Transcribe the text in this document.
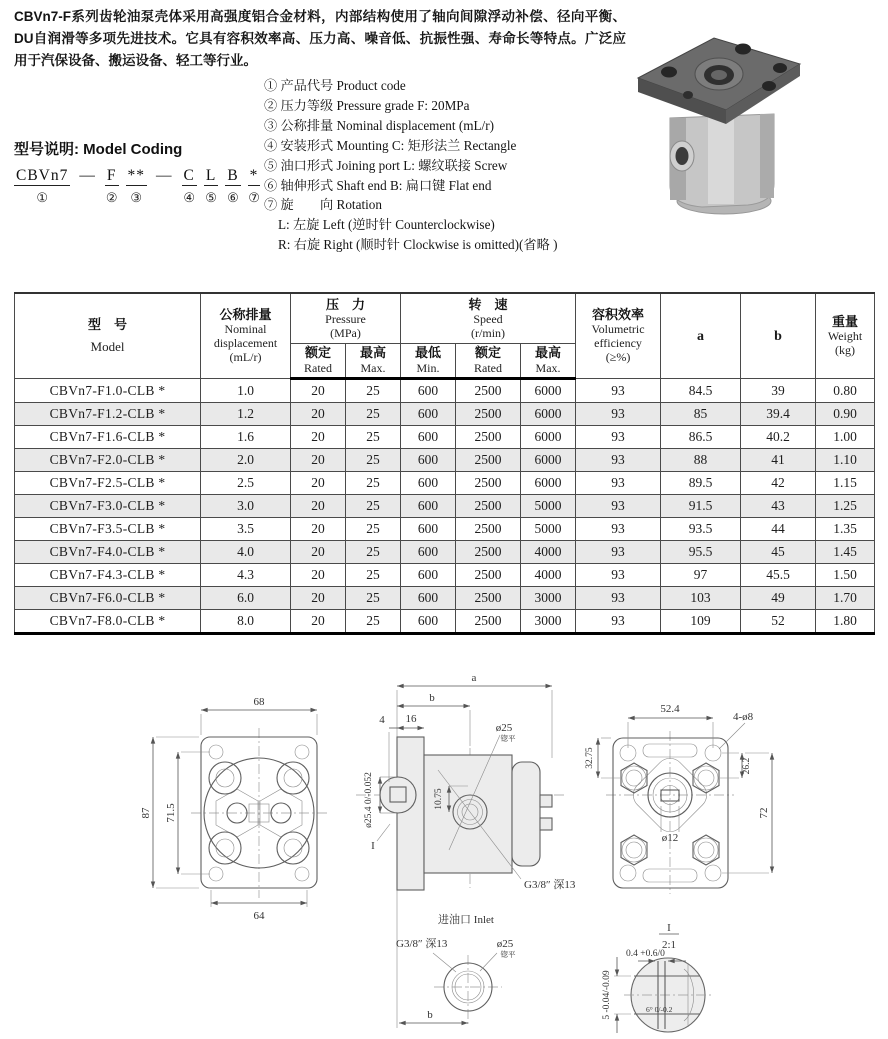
CBVn7-F系列齿轮油泵壳体采用高强度铝合金材料，内部结构使用了轴向间隙浮动补偿、径向平衡、DU自润滑等多项先进技术。它具有容积效率高、压力高、噪音低、抗振性强、寿命长等特点。广泛应用于汽保设备、搬运设备、轻工等行业。
型号说明: Model Coding
CBVn7
①
— F
②
**
③
— C
④
L
⑤
B
⑥
*
⑦
① 产品代号 Product code
② 压力等级 Pressure grade F: 20MPa
③ 公称排量 Nominal displacement (mL/r)
④ 安装形式 Mounting C: 矩形法兰 Rectangle
⑤ 油口形式 Joining port L: 螺纹联接 Screw
⑥ 轴伸形式 Shaft end B: 扁口键 Flat end
⑦ 旋　　向 Rotation
L: 左旋 Left (逆时针 Counterclockwise)
R: 右旋 Right (顺时针 Clockwise is omitted)(省略 )
型　号
Model	公称排量
Nominal
displacement
(mL/r)	压　力
Pressure
(MPa)		转　速
Speed
(r/min)			容积效率
Volumetric
efficiency
(≥%)	a	b	重量
Weight
(kg)

		额定
Rated	最高
Max.	最低
Min.	额定
Rated	最高
Max.				

CBVn7-F1.0-CLB *	1.0	20	25	600	2500	6000	93	84.5	39	0.80
CBVn7-F1.2-CLB *	1.2	20	25	600	2500	6000	93	85	39.4	0.90
CBVn7-F1.6-CLB *	1.6	20	25	600	2500	6000	93	86.5	40.2	1.00
CBVn7-F2.0-CLB *	2.0	20	25	600	2500	6000	93	88	41	1.10
CBVn7-F2.5-CLB *	2.5	20	25	600	2500	6000	93	89.5	42	1.15
CBVn7-F3.0-CLB *	3.0	20	25	600	2500	5000	93	91.5	43	1.25
CBVn7-F3.5-CLB *	3.5	20	25	600	2500	5000	93	93.5	44	1.35
CBVn7-F4.0-CLB *	4.0	20	25	600	2500	4000	93	95.5	45	1.45
CBVn7-F4.3-CLB *	4.3	20	25	600	2500	4000	93	97	45.5	1.50
CBVn7-F6.0-CLB *	6.0	20	25	600	2500	3000	93	103	49	1.70
CBVn7-F8.0-CLB *	8.0	20	25	600	2500	3000	93	109	52	1.80
68
64
87 71.5
a
b
4 16
ø25
锪平
ø25.4 0/-0.052	10.75
G3/8″ 深13
I
进油口 Inlet
G3/8″ 深13	ø25
锪平
b
ø12
52.4
4-ø8
32.75	26.2
72
I
2:1
0.4 +0.6/0
5 -0.04/-0.09	6° 0/-0.2
